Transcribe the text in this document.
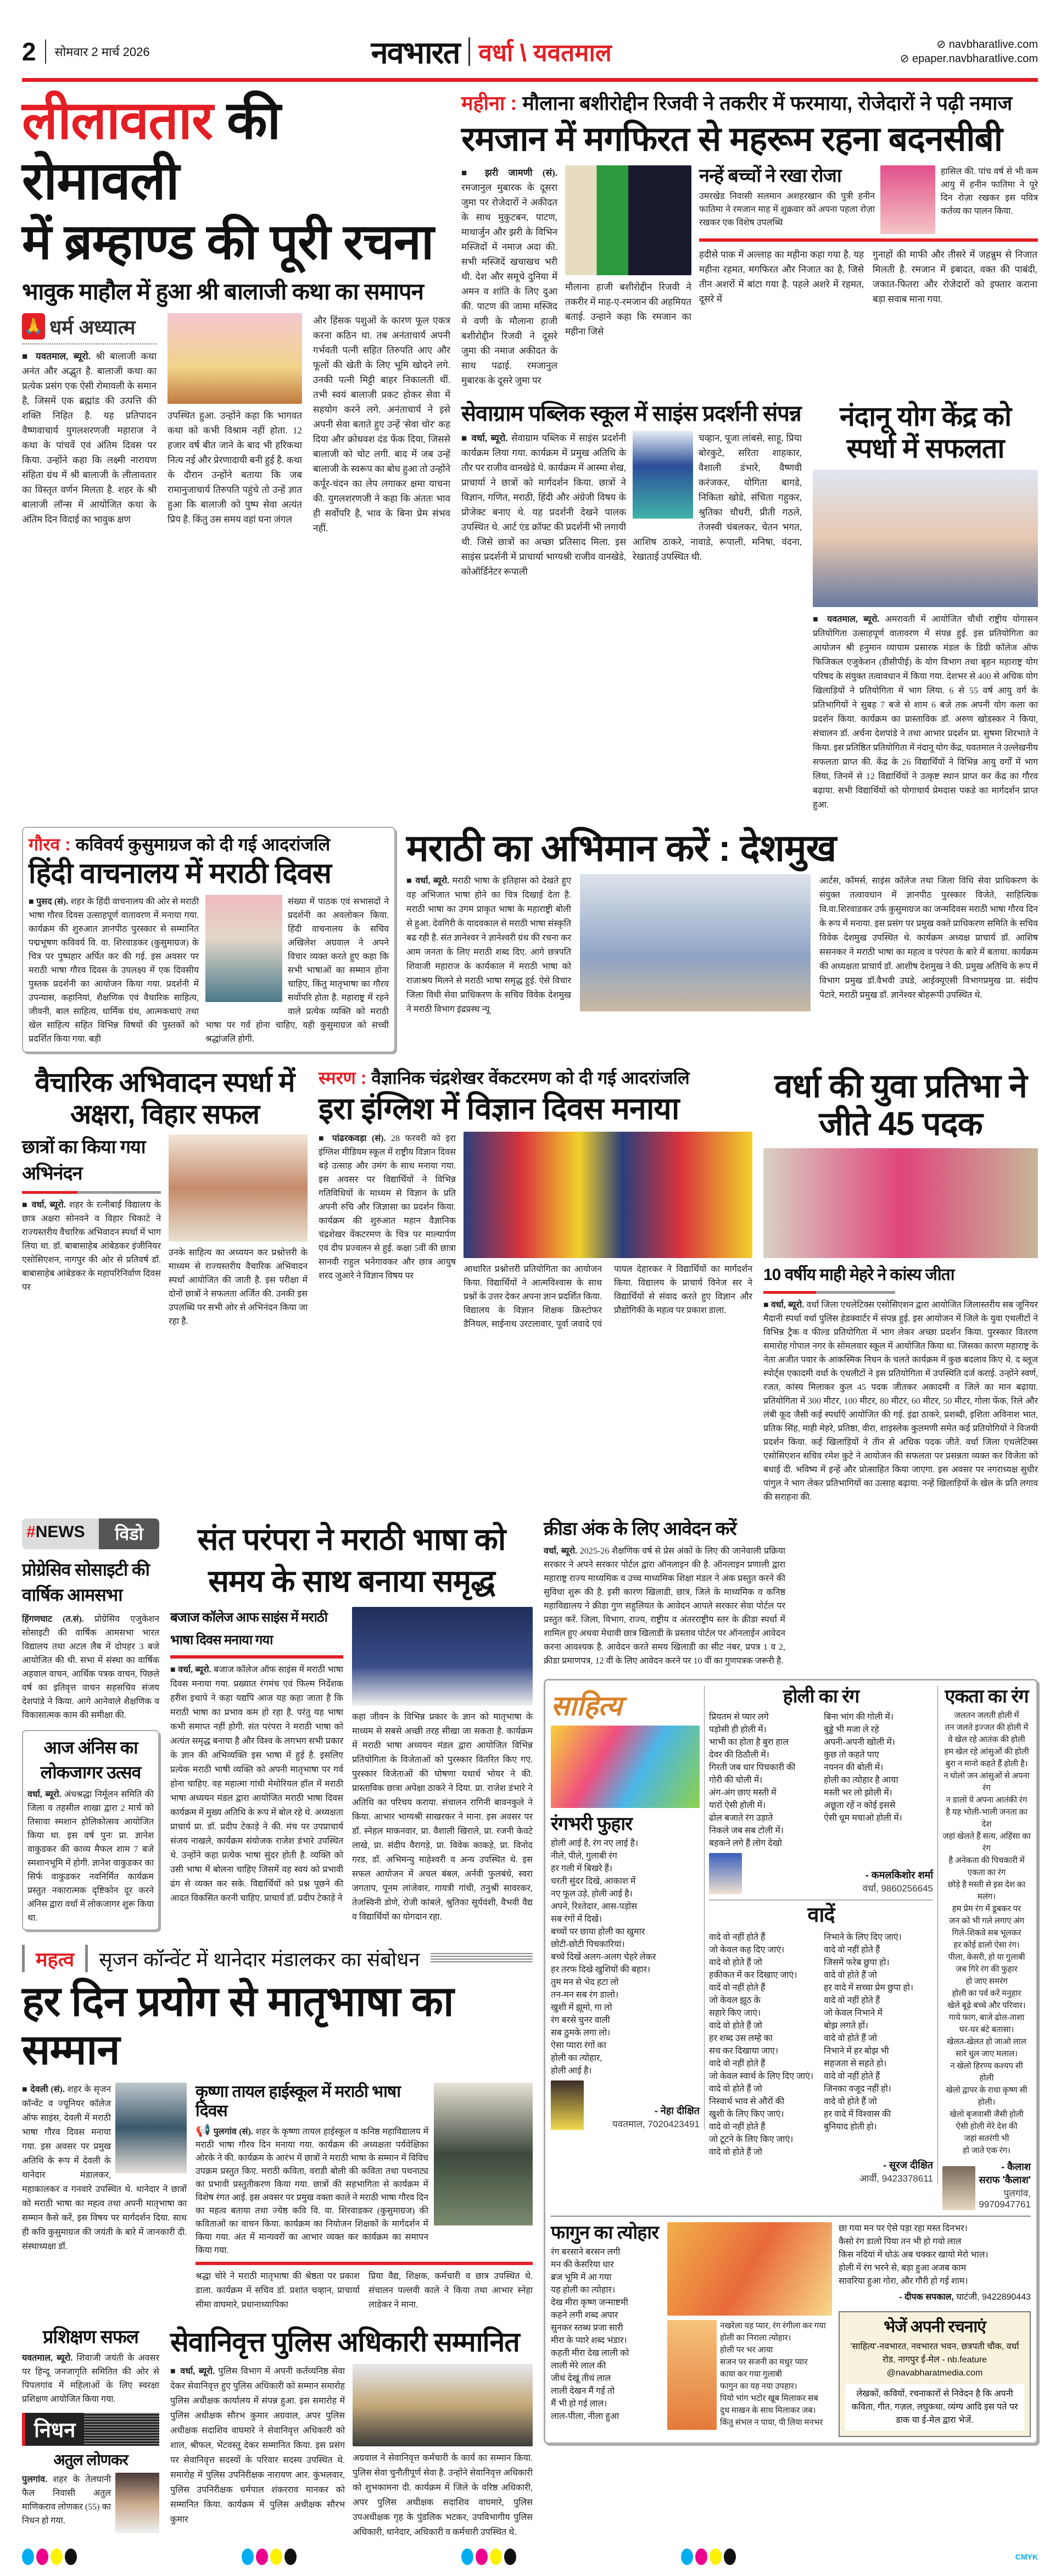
2 सोमवार 2 मार्च 2026	नवभारत वर्धा \ यवतमाल	⊘ navbharatlive.com
⊘ epaper.navbharatlive.com
लीलावतार की रोमावली
में ब्रम्हाण्ड की पूरी रचना
भावुक माहौल में हुआ श्री बालाजी कथा का समापन
🙏 धर्म अध्यात्म

■ यवतमाल, ब्यूरो. श्री बालाजी कथा अनंत और अद्भुत है. बालाजी कथा का प्रत्येक प्रसंग एक ऐसी रोमावली के समान है, जिसमें एक ब्रह्मांड की उत्पत्ति की शक्ति निहित है. यह प्रतिपादन वैष्णवाचार्य युगलशरणजी महाराज ने कथा के पांचवें एवं अंतिम दिवस पर किया. उन्होंने कहा कि लक्ष्मी नारायण संहिता ग्रंथ में श्री बालाजी के लीलावतार का विस्तृत वर्णन मिलता है. शहर के श्री बालाजी लॉन्स में आयोजित कथा के अंतिम दिन विदाई का भावुक क्षण

उपस्थित हुआ. उन्होंने कहा कि भागवत कथा को कभी विश्राम नहीं होता. 12 हजार वर्ष बीत जाने के बाद भी हरिकथा नित्य नई और प्रेरणादायी बनी हुई है. कथा के दौरान उन्होंने बताया कि जब रामानुजाचार्य तिरुपति पहुंचे तो उन्हें ज्ञात हुआ कि बालाजी को पुष्प सेवा अत्यंत प्रिय है. किंतु उस समय वहां घना जंगल

और हिंसक पशुओं के कारण फूल एकत्र करना कठिन था. तब अनंताचार्य अपनी गर्भवती पत्नी सहित तिरुपति आए और फूलों की खेती के लिए भूमि खोदने लगे. उनकी पत्नी मिट्टी बाहर निकालती थीं. तभी स्वयं बालाजी प्रकट होकर सेवा में सहयोग करने लगे. अनंताचार्य ने इसे अपनी सेवा बताते हुए उन्हें 'सेवा चोर' कह दिया और क्रोधवश दंड फेंक दिया, जिससे बालाजी को चोट लगी. बाद में जब उन्हें बालाजी के स्वरूप का बोध हुआ तो उन्होंने कर्पूर-चंदन का लेप लगाकर क्षमा याचना की. युगलशरणजी ने कहा कि अंततः भाव ही सर्वोपरि है, भाव के बिना प्रेम संभव नहीं.

महीना : मौलाना बशीरोद्दीन रिजवी ने तकरीर में फरमाया, रोजेदारों ने पढ़ी नमाज
रमजान में मगफिरत से महरूम रहना बदनसीबी

■ झरी जामणी (सं). रमजानुल मुबारक के दूसरा जुमा पर रोजेदारों ने अकीदत के साथ मुकुटबन, पाटण, माथार्जुन और झरी के विभिन मस्जिदों में नमाज अदा की. सभी मस्जिदें खचाखच भरी थी. देश और समूचे दुनिया में अमन व शांति के लिए दुआ की. पाटण की जामा मस्जिद मे वणी के मौलाना हाजी बशीरोद्दीन रिजवी ने दूसरे जुमा की नमाज अकीदत के साथ पढाई. रमजानुल मुबारक के दूसरे जुमा पर

मौलाना हाजी बशीरोद्दीन रिजवी ने तकरीर में माह-ए-रमजान की अहमियत बताई. उन्हाने कहा कि रमजान का महीना जिसे

नन्हें बच्चों ने रखा रोजा

उमरखेड निवासी सलमान अशहरखान की पुत्री हनीन फातिमा ने रमजान माह में शुक्रवार को अपना पहला रोज़ा रखकर एक विशेष उपलब्धि

हासिल की. पांच वर्ष से भी कम आयु में हनीन फातिमा ने पूरे दिन रोज़ा रखकर इस पवित्र कर्तव्य का पालन किया.

हदीसे पाक में अल्लाह का महीना कहा गया है. यह महीना रहमत, मगफिरत और निजात का है, जिसे तीन अशरों में बांटा गया है. पहले अशरे में रहमत, दूसरे में

गुनाहों की माफी और तीसरे में जहन्नुम से निजात मिलती है. रमजान में इबादत, वक्त की पाबंदी, जकात-फितरा और रोजेदारों को इफ्तार कराना बड़ा सवाब माना गया.

सेवाग्राम पब्लिक स्कूल में साइंस प्रदर्शनी संपन्न

■ वर्धा, ब्यूरो. सेवाग्राम पब्लिक में साइंस प्रदर्शनी कार्यक्रम लिया गया. कार्यक्रम में प्रमुख अतिथि के तौर पर राजीव वानखेडे थे. कार्यक्रम में आस्मा शेख, प्राचार्या ने छात्रों को मार्गदर्शन किया. छात्रों ने विज्ञान, गणित, मराठी, हिंदी और अंग्रेजी विषय के प्रोजेक्ट बनाए थे. यह प्रदर्शनी देखने पालक उपस्थित थे. आर्ट एंड क्रॉफ्ट की प्रदर्शनी भी लगायी थी. जिसे छात्रों का अच्छा प्रतिसाद मिला. इस साइंस प्रदर्शनी में प्राचार्या भाग्यश्री राजीव वानखेडे, कोऑर्डिनेटर रूपाली

चव्हान, पूजा लांबसे, साहू, प्रिया बोरकुटे, सरिता शाहकार, वैशाली डंभारे, वैष्णवी करंजकर, योगिता बागडे, निकिता खोडे, संचिता गहुकर, श्रुतिका चौधरी, प्रीती गठले, तेजस्वी चंबलकर, चेतन भगत, आशिष ठाकरे, नावाडे, रूपाली, मनिषा, वंदना, रेखाताई उपस्थित थी.

नंदानू योग केंद्र को स्पर्धा में सफलता

■ यवतमाल, ब्यूरो. अमरावती में आयोजित चौथी राष्ट्रीय योगासन प्रतियोगिता उत्साहपूर्ण वातावरण में संपन्न हुई. इस प्रतियोगिता का आयोजन श्री हनुमान व्यायाम प्रसारक मंडल के डिग्री कॉलेज ऑफ फिजिकल एजुकेशन (डीसीपीई) के योग विभाग तथा बृहन महाराष्ट्र योग परिषद के संयुक्त तत्वावधान में किया गया. देशभर से 400 से अधिक योग खिलाड़ियों ने प्रतियोगिता में भाग लिया. 6 से 55 वर्ष आयु वर्ग के प्रतिभागियों ने सुबह 7 बजे से शाम 6 बजे तक अपनी योग कला का प्रदर्शन किया. कार्यक्रम का प्रास्ताविक डॉ. अरुण खोडस्कर ने किया, संचालन डॉ. अर्चना देशपांडे ने तथा आभार प्रदर्शन प्रा. सुषमा शिरभाते ने किया. इस प्रतिष्ठित प्रतियोगिता में नंदानू योग केंद्र, यवतमाल ने उल्लेखनीय सफलता प्राप्त की. केंद्र के 26 विद्यार्थियों ने विभिन्न आयु वर्गों में भाग लिया, जिनमें से 12 विद्यार्थियों ने उत्कृष्ट स्थान प्राप्त कर केंद्र का गौरव बढ़ाया. सभी विद्यार्थियों को योगाचार्य प्रेमदास पकडे का मार्गदर्शन प्राप्त हुआ.

गौरव : कविवर्य कुसुमाग्रज को दी गई आदरांजलि
हिंदी वाचनालय में मराठी दिवस

■ पुसद (सं). शहर के हिंदी वाचनालय की ओर से मराठी भाषा गौरव दिवस उत्साहपूर्ण वातावरण में मनाया गया. कार्यक्रम की शुरुआत ज्ञानपीठ पुरस्कार से सम्मानित पद्मभूषण कविवर्य वि. वा. शिरवाडकर (कुसुमाग्रज) के चित्र पर पुष्पहार अर्पित कर की गई. इस अवसर पर मराठी भाषा गौरव दिवस के उपलक्ष्य में एक दिवसीय पुस्तक प्रदर्शनी का आयोजन किया गया. प्रदर्शनी में उपन्यास, कहानियां, शैक्षणिक एवं वैचारिक साहित्य, जीवनी, बाल साहित्य, धार्मिक ग्रंथ, आत्मकथाएं तथा खेल साहित्य सहित विभिन्न विषयों की पुस्तकों को प्रदर्शित किया गया. बड़ी

संख्या में पाठक एवं सभासदों ने प्रदर्शनी का अवलोकन किया. हिंदी वाचनालय के सचिव अखिलेश अग्रवाल ने अपने विचार व्यक्त करते हुए कहा कि सभी भाषाओं का सम्मान होना चाहिए, किंतु मातृभाषा का गौरव सर्वोपरि होता है. महाराष्ट्र में रहने वाले प्रत्येक व्यक्ति को मराठी भाषा पर गर्व होना चाहिए, यही कुसुमाग्रज को सच्ची श्रद्धांजलि होगी.

मराठी का अभिमान करें : देशमुख

■ वर्धा, ब्यूरो. मराठी भाषा के इतिहास को देखते हुए वह अभिजात भाषा होने का चित्र दिखाई देता है. मराठी भाषा का उगम प्राकृत भाषा के महाराष्ट्री बोली से हुआ. देवगिरी के यादवकाल से मराठी भाषा संस्कृति बढ रही है. संत ज्ञानेश्वर ने ज्ञानेश्वरी ग्रंथ की रचना कर आम जनता के लिए मराठी शब्द दिए. आगे छत्रपति शिवाजी महाराज के कार्यकाल में मराठी भाषा को राजाश्रय मिलने से मराठी भाषा समृद्ध हुई. ऐसे विचार जिला विधी सेवा प्राधिकरण के सचिव विवेक देशमुख ने मराठी विभाग इंद्रप्रस्थ न्यू

आर्टस, कॉमर्स, साइंस कॉलेज तथा जिला विधि सेवा प्राधिकरण के संयुक्त तत्वावधान में ज्ञानपीठ पुरस्कार विजेते, साहित्यिक वि.वा.शिरवाडकर उर्फ कुसुमाग्रज का जन्मदिवस मराठी भाषा गौरव दिन के रूप में मनाया. इस प्रसंग पर प्रमुख वक्ते प्राधिकरण समिति के सचिव विवेक देशमुख उपस्थित थे. कार्यक्रम अध्यक्ष प्राचार्य डॉ. आशिष ससनकर ने मराठी भाषा का महत्व व परंपरा के बारे में बताया. कार्यक्रम की अध्यक्षता प्राचार्य डॉ. आशीष देशमुख ने की. प्रमुख अतिथि के रूप में विभाग प्रमुख डॉ.वैभवी उघडे, आईक्यूएसी विभागप्रमुख प्रा. संदीप पेटारे, मराठी प्रमुख डॉ. ज्ञानेश्वर बोहरूपी उपस्थित थे.

वैचारिक अभिवादन स्पर्धा में अक्षरा, विहार सफल
छात्रों का किया गया अभिनंदन

■ वर्धा, ब्यूरो. शहर के रत्नीबाई विद्यालय के छात्र अक्षरा सोनवने व विहार चिकाटे ने राज्यस्तरीय वैचारिक अभिवादन स्पर्धा में भाग लिया था. डॉ. बाबासाहेब आंबेडकर इंजीनियर एसोसिएशन, नागपुर की ओर से प्रतिवर्ष डॉ. बाबासाहेब आंबेडकर के महापरिनिर्वाण दिवस पर

उनके साहित्य का अध्ययन कर प्रश्नोत्तरी के माध्यम से राज्यस्तरीय वैचारिक अभिवादन स्पर्धा आयोजित की जाती है. इस परीक्षा में दोनों छात्रों ने सफलता अर्जित की. उनकी इस उपलब्धि पर सभी ओर से अभिनंदन किया जा रहा है.

स्मरण : वैज्ञानिक चंद्रशेखर वेंकटरमण को दी गई आदरांजलि
इरा इंग्लिश में विज्ञान दिवस मनाया

■ पांढरकवड़ा (सं). 28 फरवरी को इरा इंग्लिश मीडियम स्कूल में राष्ट्रीय विज्ञान दिवस बड़े उत्साह और उमंग के साथ मनाया गया. इस अवसर पर विद्यार्थियों ने विभिन्न गतिविधियों के माध्यम से विज्ञान के प्रति अपनी रुचि और जिज्ञासा का प्रदर्शन किया. कार्यक्रम की शुरुआत महान वैज्ञानिक चंद्रशेखर वेंकटरमण के चित्र पर माल्यार्पण एवं दीप प्रज्वलन से हुई. कक्षा 5वीं की छात्रा सानवी राहुल भनेगावकर और छात्र आयुष शरद जुआरे ने विज्ञान विषय पर

आधारित प्रश्नोत्तरी प्रतियोगिता का आयोजन किया. विद्यार्थियों ने आत्मविश्वास के साथ प्रश्नों के उत्तर देकर अपना ज्ञान प्रदर्शित किया. विद्यालय के विज्ञान शिक्षक क्रिस्टोफर डैनियल, साईनाथ उरटलावार, पूर्वा जवादे एवं पायल देहारकर ने विद्यार्थियों का मार्गदर्शन किया. विद्यालय के प्राचार्य विनेज सर ने विद्यार्थियों से संवाद करते हुए विज्ञान और प्रौद्योगिकी के महत्व पर प्रकाश डाला.

वर्धा की युवा प्रतिभा ने जीते 45 पदक
10 वर्षीय माही मेहरे ने कांस्य जीता

■ वर्धा, ब्यूरो. वर्धा जिला एथलेटिक्स एसोसिएशन द्वारा आयोजित जिलास्तरीय सब जूनियर मैदानी स्पर्धा वर्धा पुलिस हेडक्वार्टर में संपन्न हुई. इस आयोजन में जिले के युवा एथलीटों ने विभिन्न ट्रैक व फील्ड प्रतियोगिता में भाग लेकर अच्छा प्रदर्शन किया. पुरस्कार वितरण समारोह गोपाल नगर के सोमलवार स्कूल में आयोजित किया था. जिसका कारण महाराष्ट्र के नेता अजीत पवार के आकस्मिक निधन के चलते कार्यक्रम में कुछ बदलाव किए थे. द ब्लूज स्पोर्ट्स एकादमी वर्धा के एथलीटों ने इस प्रतियोगिता में उपस्थिति दर्ज कराई. उन्होंने स्वर्ण, रजत, कांस्य मिलाकर कुल 45 पदक जीतकर अकादमी व जिले का मान बढ़ाया. प्रतियोगिता में 300 मीटर, 100 मीटर, 80 मीटर, 60 मीटर, 50 मीटर, गोला फेंक, रिले और लंबी कूद जैसी कई स्पर्धाएँ आयोजित की गई. इंद्रा ठाकरे, प्रशब्दी, इशिता अविनाश भात, प्रतिक सिंह, माही मेहरे, प्रतिष्ठा, वीरा, शाइस्लेक कुलमणी समेत कई प्रतियोगियों ने विजयी प्रदर्शन किया. कई खिलाड़ियों ने तीन से अधिक पदक जीते. वर्धा जिला एथलेटिक्स एसोसिएशन सचिव रमेश कुटे ने आयोजन की सफलता पर प्रसन्नता व्यक्त कर विजेता को बधाई दी. भविष्य में इन्हें और प्रोत्साहित किया जाएगा. इस अवसर पर नगराध्यक्ष सुधीर पांगुल ने भाग लेकर प्रतिभागियों का उत्साह बढ़ाया. नन्हें खिलाड़ियों के खेल के प्रति लगाव की सराहना की.

#NEWS	विडो
प्रोग्रेसिव सोसाइटी की वार्षिक आमसभा

हिंगणघाट (त.सं). प्रोग्रेसिव एजुकेशन सोसाइटी की वार्षिक आमसभा भारत विद्यालय तथा अटल लैब में दोपहर 3 बजे आयोजित की थी. सभा में संस्था का वार्षिक अहवाल वाचन, आर्थिक पत्रक वाचन, पिछले वर्ष का इतिवृत्त वाचन सहसचिव संजय देशपांडे ने किया. आगे आनेवाले शैक्षणिक व विकासात्मक काम की समीक्षा की.

आज अंनिस का लोकजागर उत्सव

वर्धा, ब्यूरो. अंधश्रद्धा निर्मूलन समिति की जिला व तहसील शाखा द्वारा 2 मार्च को तिसावा स्मशान होलिकोत्सव आयोजित किया था. इस वर्ष पुनः प्रा. ज्ञानेश वाकुडकर की काव्य मैफल शाम 7 बजे स्मशानभूमि में होगी. ज्ञानेश वाकुडकर का सिर्फ वाकुडकर नवनिर्मित कार्यक्रम प्रस्तुत नकारात्मक दृष्टिकोन दूर करने अंनिस द्वारा वर्धा में लोकजागर शुरू किया था.

संत परंपरा ने मराठी भाषा को समय के साथ बनाया समृद्ध
बजाज कॉलेज आफ साइंस में मराठी भाषा दिवस मनाया गया

■ वर्धा, ब्यूरो. बजाज कॉलेज ऑफ साइंस में मराठी भाषा दिवस मनाया गया. प्रख्यात रंगमंच एवं फिल्म निर्देशक हरीश इथापे ने कहा यद्यपि आज यह कहा जाता है कि मराठी भाषा का प्रभाव कम हो रहा है. परंतु यह भाषा कभी समाप्त नहीं होगी. संत परंपरा ने मराठी भाषा को अत्यंत समृद्ध बनाया है और विश्व के लगभग सभी प्रकार के ज्ञान की अभिव्यक्ति इस भाषा में हुई है. इसलिए प्रत्येक मराठी भाषी व्यक्ति को अपनी मातृभाषा पर गर्व होना चाहिए. वह महात्मा गांधी मेमोरियल हॉल में मराठी भाषा अध्ययन मंडल द्वारा आयोजित मराठी भाषा दिवस कार्यक्रम में मुख्य अतिथि के रूप में बोल रहे थे. अध्यक्षता प्राचार्य प्रा. डॉ. प्रदीप टेकाड़े ने की. मंच पर उपप्राचार्य संजय नाखले, कार्यक्रम संयोजक राजेश डंभारे उपस्थित थे. उन्होंने कहा प्रत्येक भाषा सुंदर होती है. व्यक्ति को उसी भाषा में बोलना चाहिए जिसमें वह स्वयं को प्रभावी ढंग से व्यक्त कर सके. विद्यार्थियों को प्रश्न पूछने की आदत विकसित करनी चाहिए. प्राचार्य डॉ. प्रदीप टेकाड़े ने

कहा जीवन के विभिन्न प्रकार के ज्ञान को मातृभाषा के माध्यम से सबसे अच्छी तरह सीखा जा सकता है. कार्यक्रम में मराठी भाषा अध्ययन मंडल द्वारा आयोजित विभिन्न प्रतियोगिता के विजेताओं को पुरस्कार वितरित किए गए. पुरस्कार विजेताओं की घोषणा यथार्थ भोयर ने की. प्रास्ताविक छात्रा अपेक्षा ठाकरे ने दिया. प्रा. राजेश डंभारे ने अतिथि का परिचय कराया. संचालन रागिनी बावनकुले ने किया. आभार भाग्यश्री साखरकर ने माना. इस अवसर पर डॉ. स्नेहल माकनवार, प्रा. वैशाली खिराले, प्रा. रजनी केवटे लाखे, प्रा. संदीप वैरागड़े, प्रा. विवेक काकड़े, प्रा. विनोद गरड, डॉ. अभिमन्यु माहेश्वरी व अन्य उपस्थित थे. इस सफल आयोजन में अचल बंबल, अर्नवी फुलबंधे, स्वरा जगताप, पूनम लांजेवार, गायत्री गांधी, तनुश्री सावरकर, तेजस्विनी डोणे, रोजी कांबले, श्रुतिका सूर्यवंशी, वैभवी वैद्य व विद्यार्थियों का योगदान रहा.

महत्व सृजन कॉन्वेंट में थानेदार मंडालकर का संबोधन
हर दिन प्रयोग से मातृभाषा का सम्मान

■ देवली (सं). शहर के सृजन कॉन्वेंट व ज्यूनियर कॉलेज ऑफ साइंस, देवली में मराठी भाषा गौरव दिवस मनाया गया. इस अवसर पर प्रमुख अतिथि के रूप में देवली के थानेदार मंडालकर, महाकालकर व गनवारे उपस्थित थे. थानेदार ने छात्रों को मराठी भाषा का महत्व तथा अपनी मातृभाषा का सम्मान कैसे करें, इस विषय पर मार्गदर्शन दिया. साथ ही कवि कुसुमाग्रज की जयंती के बारे में जानकारी दी. संस्थाध्यक्षा डॉ.

कृष्णा तायल हाईस्कूल में मराठी भाषा दिवस

📢 पुलगांव (सं). शहर के कृष्णा तायल हाईस्कूल व कनिष्ठ महाविद्यालय में मराठी भाषा गौरव दिन मनाया गया. कार्यक्रम की अध्यक्षता पर्यवेक्षिका ओरके ने की. कार्यक्रम के आरंभ में छात्रों ने मराठी भाषा के सम्मान में विविध उपक्रम प्रस्तुत किए. मराठी कविता, वराडी बोली की कविता तथा पथनाट्य का प्रभावी प्रस्तुतीकरण किया गया. छात्रों की सहभागिता से कार्यक्रम में विशेष रंगत आई. इस अवसर पर प्रमुख वक्ता काले ने मराठी भाषा गौरव दिन का महत्व बताया तथा ज्येष्ठ कवि वि. वा. शिरवाडकर (कुसुमाग्रज) की कविताओं का वाचन किया. कार्यक्रम का नियोजन शिक्षकों के मार्गदर्शन में किया गया. अंत में मान्यवरों का आभार व्यक्त कर कार्यक्रम का समापन किया गया.

श्रद्धा चोरे ने मराठी मातृभाषा की श्रेष्ठता पर प्रकाश डाला. कार्यक्रम में सचिव डॉ. प्रशांत चव्हान, प्राचार्या सीमा वाघमारे, प्रधानाध्यापिका

प्रिया वैद्य, शिक्षक, कर्मचारी व छात्र उपस्थित थे. संचालन पल्लवी काले ने किया तथा आभार स्नेहा लाडेकर ने माना.

प्रशिक्षण सफल

यवतमाल, ब्यूरो. शिवाजी जयंती के अवसर पर हिन्दू जनजागृति समितित की ओर से पिपलगांव में महिलाओं के लिए स्वरक्षा प्रशिक्षण आयोजित किया गया.

निधन
अतुल लोणकर

पुलगांव. शहर के तेलघानी फैल निवासी अतुल माणिकराव लोणकर (55) का निधन हो गया.

सेवानिवृत्त पुलिस अधिकारी सम्मानित

■ वर्धा, ब्यूरो. पुलिस विभाग में अपनी कर्तव्यनिष्ठ सेवा देकर सेवानिवृत्त हुए पुलिस अधिकारी को सम्मान समारोह पुलिस अधीक्षक कार्यालय में संपन्न हुआ. इस समारोह में पुलिस अधीक्षक सौरभ कुमार अग्रवाल, अपर पुलिस अधीक्षक सदाशिव वाघमारे ने सेवानिवृत्त अधिकारी को शाल, श्रीफल, भेंटवस्तू देकर सम्मानित किया. इस प्रसंग पर सेवानिवृत्त सदस्यों के परिवार सदस्य उपस्थित थे. समारोह में पुलिस उपनिरीक्षक नारायण आर. कुंभलवार, पुलिस उपनिरीक्षक धर्मपाल शंकरराव मानकर को सम्मानित किया. कार्यक्रम में पुलिस अधीक्षक सौरभ कुमार

अग्रवाल ने सेवानिवृत्त कर्मचारी के कार्य का सम्मान किया. पुलिस सेवा चुनौतीपूर्ण सेवा है. उन्होंने सेवानिवृत्त अधिकारी को शुभकामना दी. कार्यक्रम में जिले के वरिष्ठ अधिकारी, अपर पुलिस अधीक्षक सदाशिव वाघमारे, पुलिस उपअधीक्षक गृह के पुंडलिक भटकर, उपविभागीय पुलिस अधिकारी, थानेदार, अधिकारी व कर्मचारी उपस्थित थे.

क्रीडा अंक के लिए आवेदन करें

वर्धा, ब्यूरो. 2025-26 शैक्षणिक वर्ष से प्रेस अंकों के लिए की जानेवाली प्रक्रिया सरकार ने अपने सरकार पोर्टल द्वारा ऑनलाइन की है. ऑनलाइन प्रणाली द्वारा महाराष्ट्र राज्य माध्यमिक व उच्च माध्यमिक शिक्षा मंडल ने अंक प्रस्तुत करने की सुविधा शुरू की है. इसी कारण खिलाडी, छात्र, जिले के माध्यमिक व कनिष्ठ महाविद्यालय ने क्रीडा गुण सहुलियत के आवेदन आपले सरकार सेवा पोर्टल पर प्रस्तुत करें. जिला, विभाग, राज्य, राष्ट्रीय व अंतरराष्ट्रीय स्तर के क्रीडा स्पर्धा में शामिल हुए अथवा मेधावी छात्र खिलाडी के प्रस्ताव पोर्टल पर ऑनलाईन आवेदन करना आवश्यक है. आवेदन करते समय खिलाडी का सीट नंबर, प्रपत्र 1 व 2, क्रीडा प्रमाणपत्र, 12 वीं के लिए आवेदन करने पर 10 वीं का गुणपत्रक जरूरी है.

साहित्य
रंगभरी फुहार
होली आई है, रंग नए लाई है।
नीले, पीले, गुलाबी रंग
हर गली में बिखरे हैं।
धरती सुंदर दिखे, आकाश में
नए फूल उड़े, होली आई है।
अपने, रिश्तेदार, आस-पड़ोस
सब रंगों में दिखें।
बच्चों पर छाया होली का खुमार
छोटी-छोटी पिचकारियां।
बच्चे दिखें अलग-अलग चेहरे लेकर
हर तरफ दिखे खुशियों की बहार।
तुम मन से भेद हटा लो
तन-मन सब रंग डालो।
खुशी में झूमो, गा लो
रंग बरसे चुनर वाली
सब ठुमके लगा लो।
ऐसा प्यारा रंगों का
होली का त्योहार,
होली आई है।
- नेहा दीक्षित
यवतमाल, 7020423491
होली का रंग
प्रियतम से प्यार लगे
पड़ोसी ही होली में।
भाभी का होता है बुरा हाल
देवर की ठिठौली में।
गिरती जब धार पिचकारी की
गोरी की चोली में।
अंग-अंग छाए मस्ती में
यारों ऐसी होली में।
ढोल बजाते रंग उड़ाते
निकले जब सब टोली में।
बहकने लगे हैं लोग देखो
बिना भांग की गोली में।
बुड्ढे भी मजा ले रहे
अपनी-अपनी खोली में।
कुछ तो कहते पाए
नयनन की बोली में।
होली का त्योहार है आया
मस्ती भर लो झोली में।
अछूता रहें न कोई इससे
ऐसी धूम मचाओ होली में।
- कमलकिशोर शर्मा
वर्धा, 9860256645
वादें
वादे वो नहीं होते हैं
जो केवल कह दिए जाएं।
वादे वो होते हैं जो
हकीकत में कर दिखाए जाएं।
वादें वो नहीं होते हैं
जो केवल झूठ के
सहारे किए जाएं।
वादे वो होते हैं जो
हर शब्द उस लम्हे का
सच कर दिखाया जाए।
वादे वो नहीं होते हैं
जो केवल स्वार्थ के लिए दिए जाएं।
वादे वो होते हैं जो
निस्वार्थ भाव से औरों की
खुशी के लिए किए जाएं।
वादे वो नहीं होते हैं
जो टूटने के लिए किए जाएं।
वादे वो होते हैं जो
निभाने के लिए दिए जाएं।
वादे वो नहीं होते हैं
जिसमें फरेब छुपा हो।
वादे वो होते हैं जो
हर वादे में सच्चा प्रेम छुपा हो।
वादे वो नहीं होते हैं
जो केवल निभाने में
बोझ लगते हों।
वादे वो होते हैं जो
निभाने में हर बोझ भी
सहजता से सहते हो।
वादे वो नहीं होते हैं
जिनका वजूद नहीं हो।
वादे वो होते हैं जो
हर वादे में विश्वास की
बुनियाद होती हो।
- सूरज दीक्षित
आर्वी, 9423378611
एकता का रंग
जलतन जलती होली में
तन जलते इज्जत की होली में
वे खेल रहे आतंक की होली
हम खेल रहे आंसुओं की होली
बुरा न मानो कहते हैं होली है।
न घोलो जन आंसुओं से अपना रंग
न डालो ये अपना आतंकी रंग
है यह भोली-भाली जनता का देश
जहां खेलते हैं सत्य, अहिंसा का रंग
है अनेकता की पिचकारी में एकता का रंग
छोड़े है मस्ती से इस देश का मलंग।
हम प्रेम रंग में डूबकर पर
जन को भी गले लगाए अंग
गिले-शिकवे सब भूलकर
हर कोई डालो ऐसा रंग।
पीला, केसरी, हो या गुलाबी
जब गिरे रंग की फुहार
हो जाए समरंग
होली का पर्व करें मनुहार
खेले बूढ़े बच्चे और परिवार।
गाये फाग, बाजे ढोल-ताशा
घर-घर बंटे बतासा।
खेलत-खेलत हो जाओ लाल
सारे धुल जाए मलाल।
न खेलो हिरण्य कश्यप सी होली
खेलो द्वापर के राधा कृष्ण सी होली।
खेलो बृजवासी जैसी होली
ऐसी होली मेरे देश की
जहां सतरंगी भी
हो जाते एक रंग।
- कैलाश सराफ 'कैलाश'
पुलगांव, 9970947761
फागुन का त्योहार
रंग बरसाने बरसन लगी
मन की केसरिया धार
ब्रज भूमि में आ गया
यह होली का त्योहार।
देख मीरा कृष्ण जन्माष्टमी
कहने लगी शब्द अपार
सुनकर स्तब्ध प्रजा सारी
मीरा के प्यारे शब्द भंडार।
कहती मीरा देख लाली को
लाली मेरे लाल की
जीथं देखूं तीथं लाल
लाली देखन मैं गई तो
मैं भी हो गई लाल।
लाल-पीला, नीला हुआ
नखरेला यह प्यार, रंग रंगीला कर गया
होली का निराला त्योहार।
होली पर भर आया
सजन पर सजनी का मधुर प्यार
काया कर गया गुलाबी
फागुन का यह नया उपहार।
पियो भांग भटोर खूब मिलाकर सब
दुध माखन के साथ मिलाकर जब।
किंतु संभल न पाया, पी लिया मनभर
छा गया मन पर ऐसे पड़ा रहा मस्त दिनभर।
कैसो रंग डालो पिया तन भी हो गयो लाल
किस नदियां में धोऊं अब चक्कर खायो मेरो भाल।
होली में रंग भरने से, बड़ा हुआ अजब काम
सावरिया हुआ गोरा, और गौरी हो गई शाम।
- दीपक सपकाल, घाटंजी, 9422890443
भेजें अपनी रचनाएं
'साहित्य'-नवभारत, नवभारत भवन, छत्रपती चौक, वर्धा रोड, नागपुर ई-मेल - nb.feature @navabharatmedia.com
लेखकों, कवियों, रचनाकारों से निवेदन है कि अपनी कविता, गीत, गज़ल, लघुकथा, व्यंग्य आदि इस पते पर डाक या ई-मेल द्वारा भेजें.
CMYK
